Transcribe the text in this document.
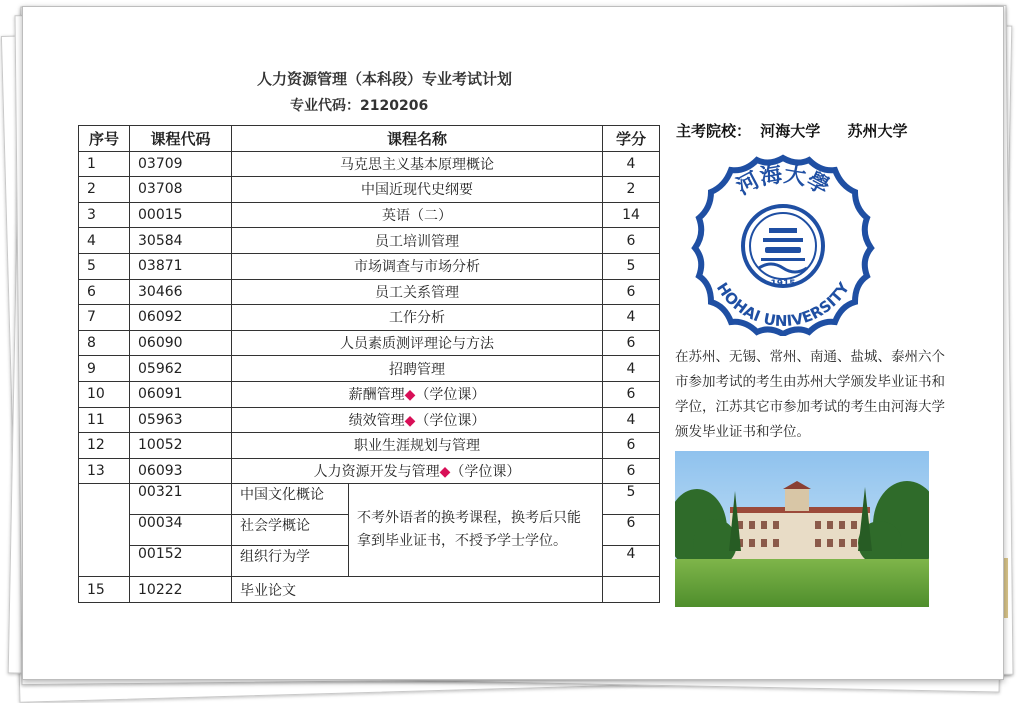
人力资源管理（本科段）专业考试计划
专业代码：2120206
序号	课程代码	课程名称		学分
1	03709	马克思主义基本原理概论		4
2	03708	中国近现代史纲要		2
3	00015	英语（二）		14
4	30584	员工培训管理		6
5	03871	市场调查与市场分析		5
6	30466	员工关系管理		6
7	06092	工作分析		4
8	06090	人员素质测评理论与方法		6
9	05962	招聘管理		4
10	06091	薪酬管理◆（学位课）		6
11	05963	绩效管理◆（学位课）		4
12	10052	职业生涯规划与管理		6
13	06093	人力资源开发与管理◆（学位课）		6
	00321	中国文化概论	不考外语者的换考课程，换考后只能拿到毕业证书，不授予学士学位。	5
	00034	社会学概论		6
	00152	组织行为学		4
15	10222	毕业论文		
主考院校： 河海大学 苏州大学
河海大學
HOHAI UNIVERSITY
1915
在苏州、无锡、常州、南通、盐城、泰州六个市参加考试的考生由苏州大学颁发毕业证书和学位，江苏其它市参加考试的考生由河海大学颁发毕业证书和学位。
